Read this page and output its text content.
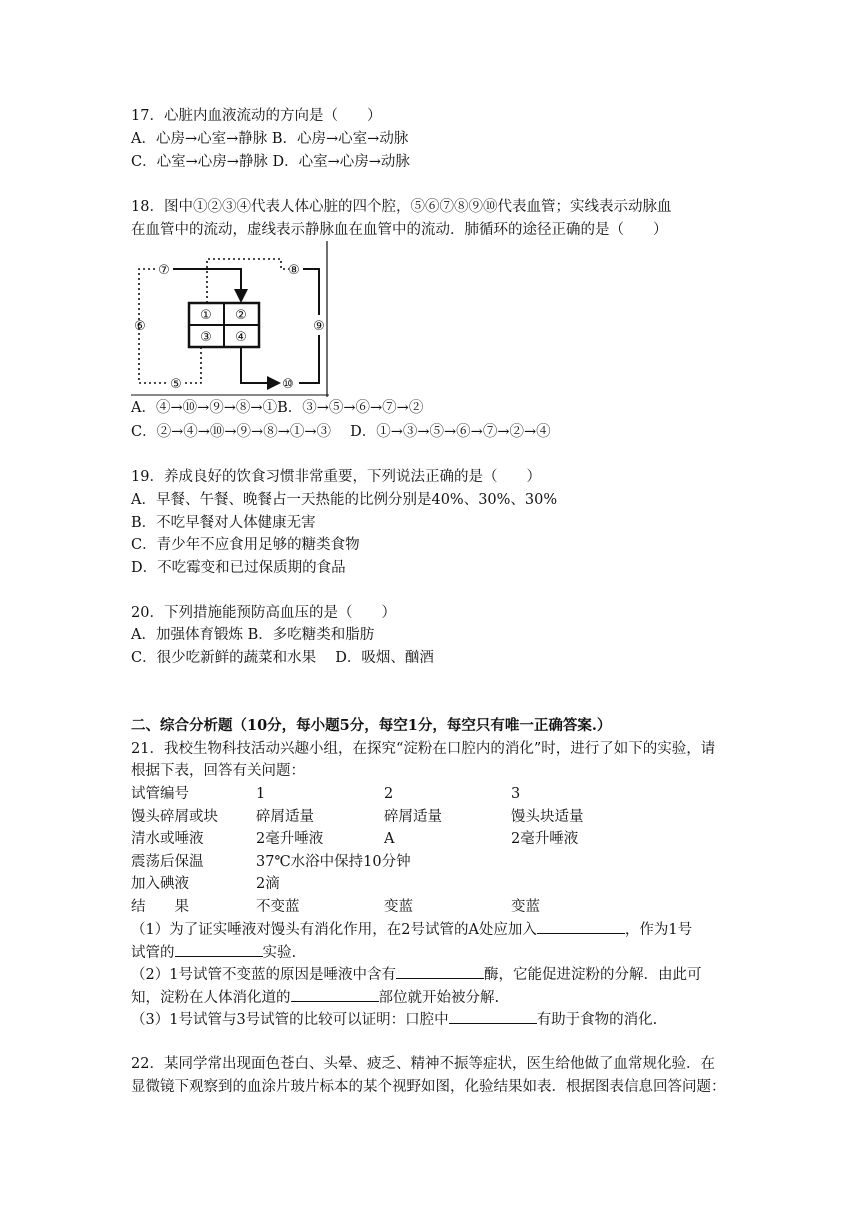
17．心脏内血液流动的方向是（　　）
A．心房→心室→静脉 B．心房→心室→动脉
C．心室→心房→静脉 D．心室→心房→动脉
18．图中①②③④代表人体心脏的四个腔，⑤⑥⑦⑧⑨⑩代表血管；实线表示动脉血
在血管中的流动，虚线表示静脉血在血管中的流动．肺循环的途径正确的是（　　）
① ②
③ ④
⑦	⑧
⑥	⑨
⑤	⑩
A．④→⑩→⑨→⑧→①B．③→⑤→⑥→⑦→②
C．②→④→⑩→⑨→⑧→①→③　 D．①→③→⑤→⑥→⑦→②→④
19．养成良好的饮食习惯非常重要，下列说法正确的是（　　）
A．早餐、午餐、晚餐占一天热能的比例分别是40%、30%、30%
B．不吃早餐对人体健康无害
C．青少年不应食用足够的糖类食物
D．不吃霉变和已过保质期的食品
20．下列措施能预防高血压的是（　　）
A．加强体育锻炼 B．多吃糖类和脂肪
C．很少吃新鲜的蔬菜和水果　 D．吸烟、酗酒
二、综合分析题（10分，每小题5分，每空1分，每空只有唯一正确答案.）
21．我校生物科技活动兴趣小组，在探究“淀粉在口腔内的消化”时，进行了如下的实验，请
根据下表，回答有关问题：
试管编号	1	2	3
馒头碎屑或块	碎屑适量	碎屑适量	馒头块适量
清水或唾液	2毫升唾液	A	2毫升唾液
震荡后保温	37℃水浴中保持10分钟
加入碘液	2滴
结　　果	不变蓝	变蓝	变蓝
（1）为了证实唾液对馒头有消化作用，在2号试管的A处应加入	，作为1号
试管的	实验.
（2）1号试管不变蓝的原因是唾液中含有	酶，它能促进淀粉的分解．由此可
知，淀粉在人体消化道的	部位就开始被分解.
（3）1号试管与3号试管的比较可以证明：口腔中	有助于食物的消化.
22．某同学常出现面色苍白、头晕、疲乏、精神不振等症状，医生给他做了血常规化验．在
显微镜下观察到的血涂片玻片标本的某个视野如图，化验结果如表．根据图表信息回答问题：
